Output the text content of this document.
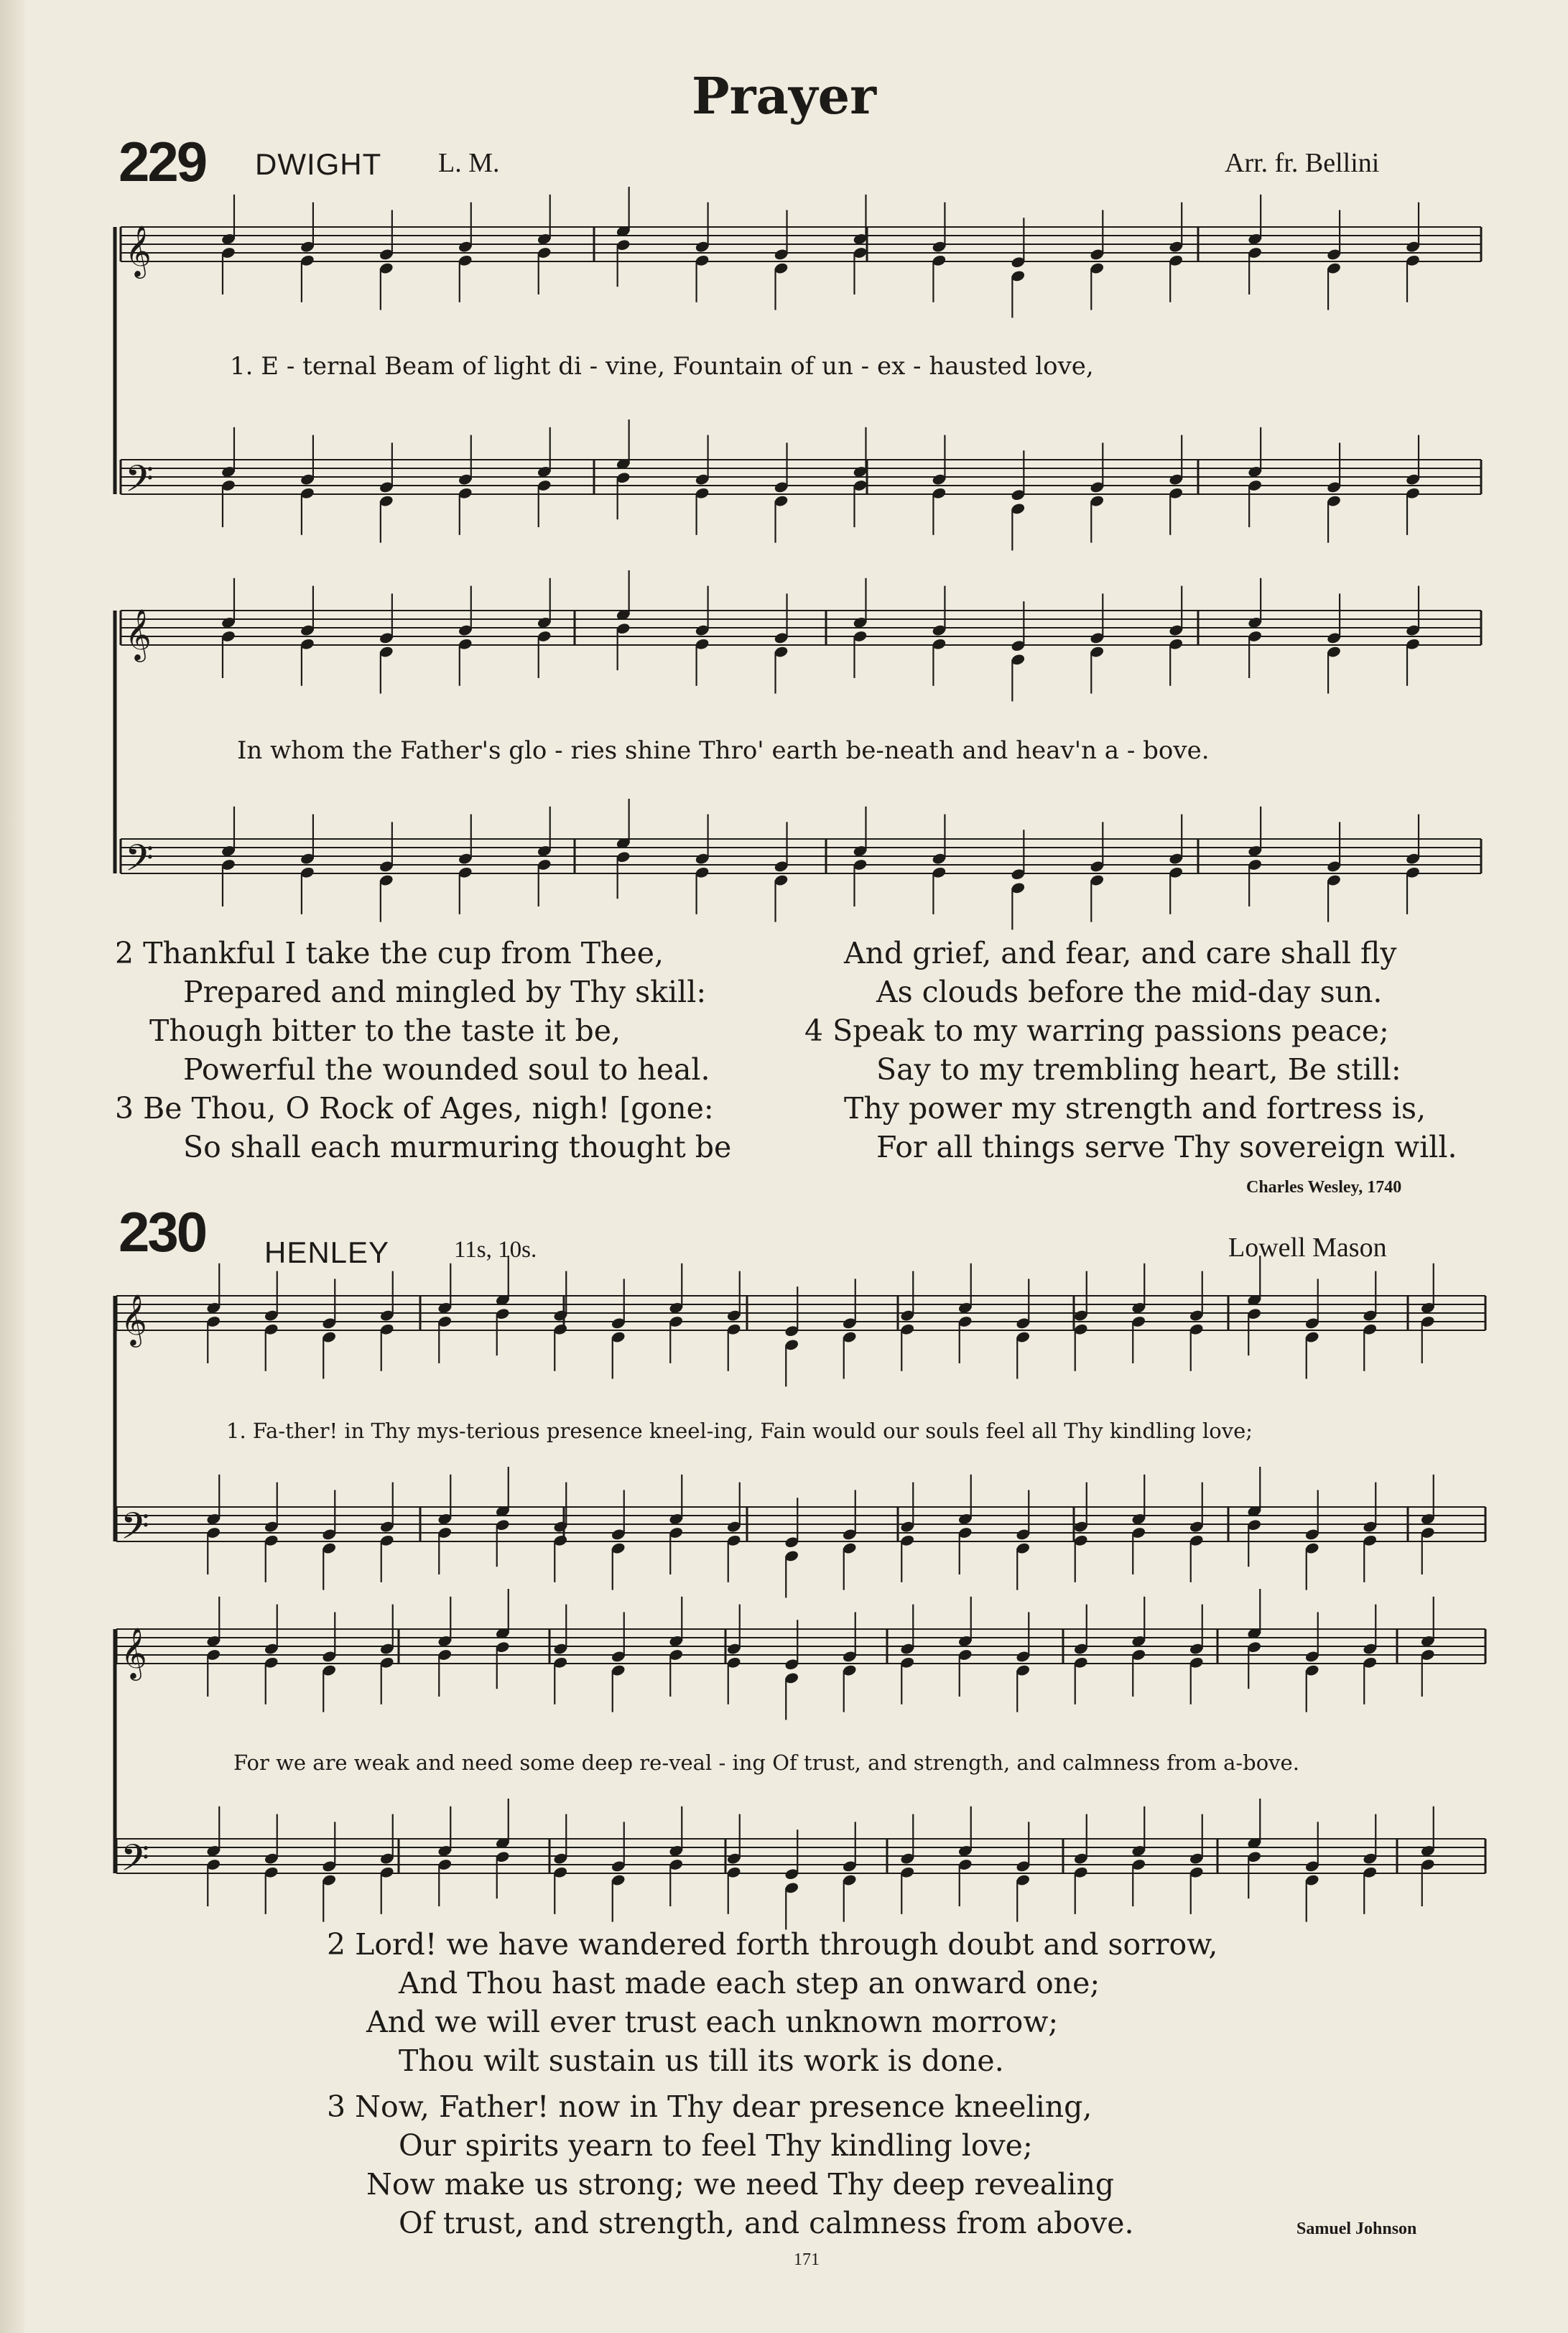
Prayer
229 DWIGHT L. M.	Arr. fr. Bellini
𝄞
𝄢
𝄞
𝄢
𝄞
𝄢
𝄞
𝄢
1. E - ternal Beam of light di - vine, Fountain of un - ex - hausted love,
In whom the Father's glo - ries shine Thro' earth be-neath and heav'n a - bove.
2 Thankful I take the cup from Thee,
Prepared and mingled by Thy skill:
Though bitter to the taste it be,
Powerful the wounded soul to heal.
3 Be Thou, O Rock of Ages, nigh! [gone:
So shall each murmuring thought be
And grief, and fear, and care shall fly
As clouds before the mid-day sun.
4 Speak to my warring passions peace;
Say to my trembling heart, Be still:
Thy power my strength and fortress is,
For all things serve Thy sovereign will.
Charles Wesley, 1740
230 HENLEY	11s, 10s.	Lowell Mason
1. Fa-ther! in Thy mys-terious presence kneel-ing, Fain would our souls feel all Thy kindling love;
For we are weak and need some deep re-veal - ing Of trust, and strength, and calmness from a-bove.
2 Lord! we have wandered forth through doubt and sorrow,
And Thou hast made each step an onward one;
And we will ever trust each unknown morrow;
Thou wilt sustain us till its work is done.
3 Now, Father! now in Thy dear presence kneeling,
Our spirits yearn to feel Thy kindling love;
Now make us strong; we need Thy deep revealing
Of trust, and strength, and calmness from above.	Samuel Johnson
171
